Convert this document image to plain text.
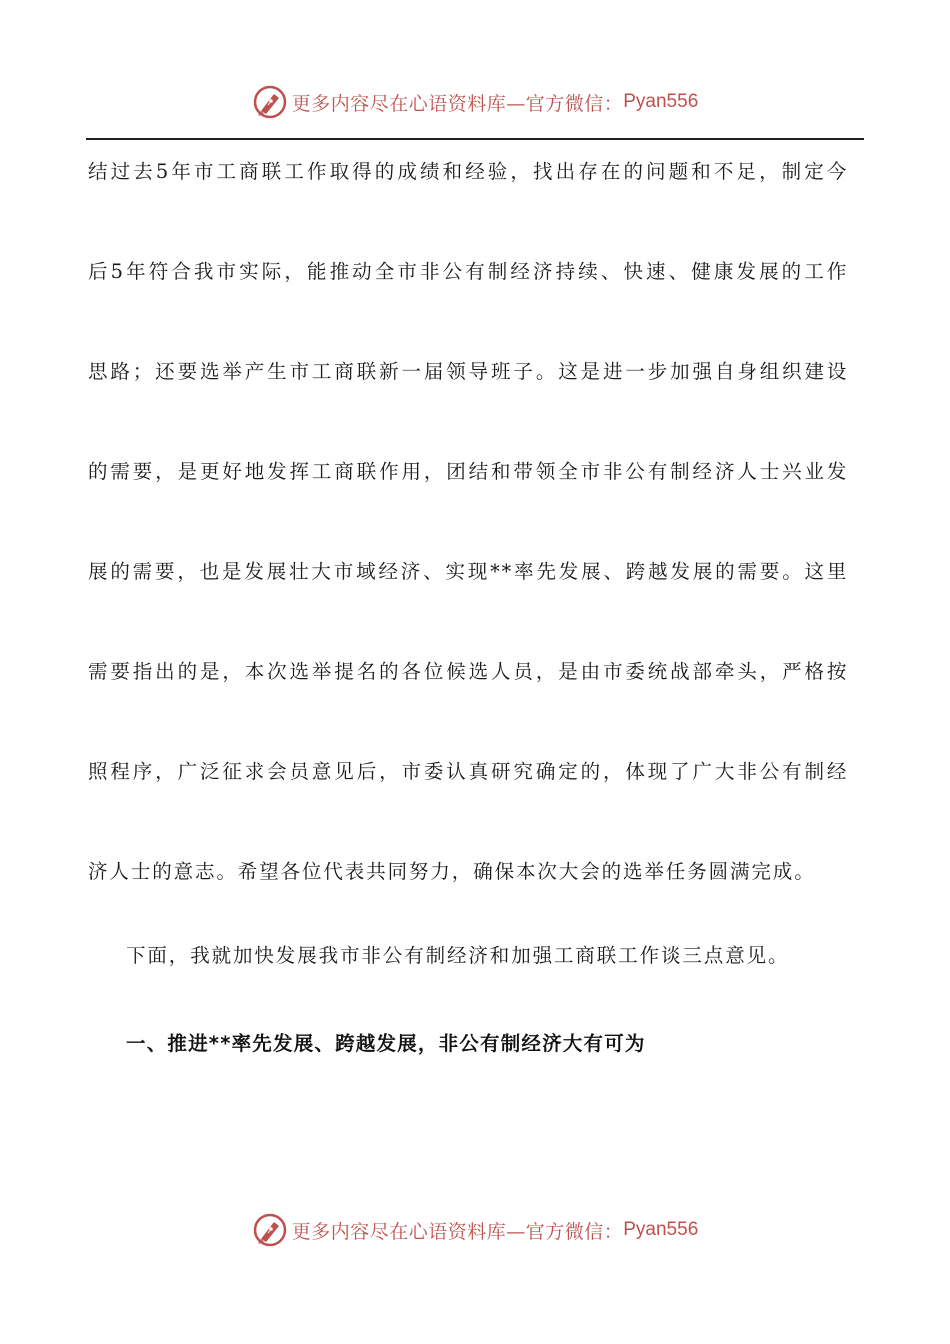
更多内容尽在心语资料库—官方微信： Pyan556
结过去5年市工商联工作取得的成绩和经验，找出存在的问题和不足，制定今
后5年符合我市实际，能推动全市非公有制经济持续、快速、健康发展的工作
思路；还要选举产生市工商联新一届领导班子。这是进一步加强自身组织建设
的需要，是更好地发挥工商联作用，团结和带领全市非公有制经济人士兴业发
展的需要，也是发展壮大市域经济、实现**率先发展、跨越发展的需要。这里
需要指出的是，本次选举提名的各位候选人员，是由市委统战部牵头，严格按
照程序，广泛征求会员意见后，市委认真研究确定的，体现了广大非公有制经
济人士的意志。希望各位代表共同努力，确保本次大会的选举任务圆满完成。
下面，我就加快发展我市非公有制经济和加强工商联工作谈三点意见。
一、推进**率先发展、跨越发展，非公有制经济大有可为
更多内容尽在心语资料库—官方微信： Pyan556
